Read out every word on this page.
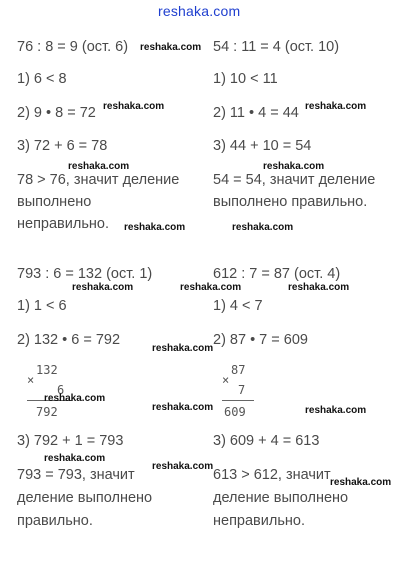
reshaka.com
76 : 8 = 9 (ост. 6)
1) 6 < 8
2) 9 • 8 = 72
3) 72 + 6 = 78
78 > 76, значит деление
выполнено
неправильно.
54 : 11 = 4 (ост. 10)
1) 10 < 11
2) 11 • 4 = 44
3) 44 + 10 = 54
54 = 54, значит деление
выполнено правильно.
793 : 6 = 132 (ост. 1)
1) 1 < 6
2) 132 • 6 = 792
×
132
6
792
3) 792 + 1 = 793
793 = 793, значит
деление выполнено
правильно.
612 : 7 = 87 (ост. 4)
1) 4 < 7
2) 87 • 7 = 609
×
87
7
609
3) 609 + 4 = 613
613 > 612, значит
деление выполнено
неправильно.
reshaka.com
reshaka.com	reshaka.com
reshaka.com	reshaka.com
reshaka.com	reshaka.com
reshaka.com	reshaka.com	reshaka.com
reshaka.com
reshaka.com
reshaka.com	reshaka.com
reshaka.com
reshaka.com
reshaka.com
